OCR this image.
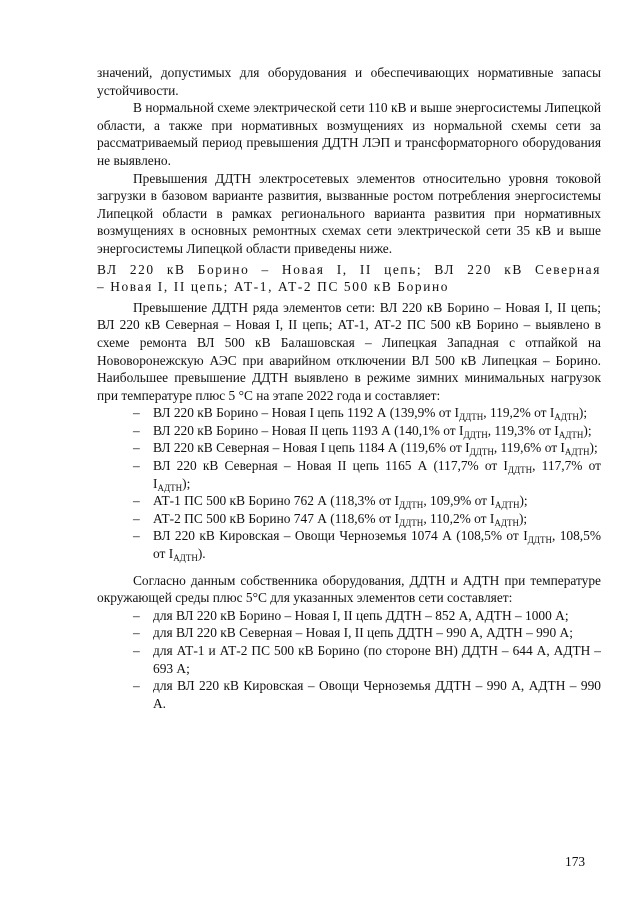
значений, допустимых для оборудования и обеспечивающих нормативные запасы устойчивости.

В нормальной схеме электрической сети 110 кВ и выше энергосистемы Липецкой области, а также при нормативных возмущениях из нормальной схемы сети за рассматриваемый период превышения ДДТН ЛЭП и трансформаторного оборудования не выявлено.

Превышения ДДТН электросетевых элементов относительно уровня токовой загрузки в базовом варианте развития, вызванные ростом потребления энергосистемы Липецкой области в рамках регионального варианта развития при нормативных возмущениях в основных ремонтных схемах сети электрической сети 35 кВ и выше энергосистемы Липецкой области приведены ниже.

ВЛ 220 кВ Борино – Новая I, II цепь; ВЛ 220 кВ Северная
– Новая I, II цепь; АТ-1, АТ-2 ПС 500 кВ Борино

Превышение ДДТН ряда элементов сети: ВЛ 220 кВ Борино – Новая I, II цепь; ВЛ 220 кВ Северная – Новая I, II цепь; АТ-1, АТ-2 ПС 500 кВ Борино – выявлено в схеме ремонта ВЛ 500 кВ Балашовская – Липецкая Западная с отпайкой на Нововоронежскую АЭС при аварийном отключении ВЛ 500 кВ Липецкая – Борино. Наибольшее превышение ДДТН выявлено в режиме зимних минимальных нагрузок при температуре плюс 5 °С на этапе 2022 года и составляет:

– ВЛ 220 кВ Борино – Новая I цепь 1192 А (139,9% от $I_{ДДТН}$, 119,2% от $I_{АДТН}$);
– ВЛ 220 кВ Борино – Новая II цепь 1193 А (140,1% от $I_{ДДТН}$, 119,3% от $I_{АДТН}$);
– ВЛ 220 кВ Северная – Новая I цепь 1184 А (119,6% от $I_{ДДТН}$, 119,6% от $I_{АДТН}$);
– ВЛ 220 кВ Северная – Новая II цепь 1165 А (117,7% от $I_{ДДТН}$, 117,7% от $I_{АДТН}$);
– АТ-1 ПС 500 кВ Борино 762 А (118,3% от $I_{ДДТН}$, 109,9% от $I_{АДТН}$);
– АТ-2 ПС 500 кВ Борино 747 А (118,6% от $I_{ДДТН}$, 110,2% от $I_{АДТН}$);
– ВЛ 220 кВ Кировская – Овощи Черноземья 1074 А (108,5% от $I_{ДДТН}$, 108,5% от $I_{АДТН}$).

Согласно данным собственника оборудования, ДДТН и АДТН при температуре окружающей среды плюс 5°С для указанных элементов сети составляет:

– для ВЛ 220 кВ Борино – Новая I, II цепь ДДТН – 852 А, АДТН – 1000 А;
– для ВЛ 220 кВ Северная – Новая I, II цепь ДДТН – 990 А, АДТН – 990 А;
– для АТ-1 и АТ-2 ПС 500 кВ Борино (по стороне ВН) ДДТН – 644 А, АДТН – 693 А;
– для ВЛ 220 кВ Кировская – Овощи Черноземья ДДТН – 990 А, АДТН – 990 А.
173
